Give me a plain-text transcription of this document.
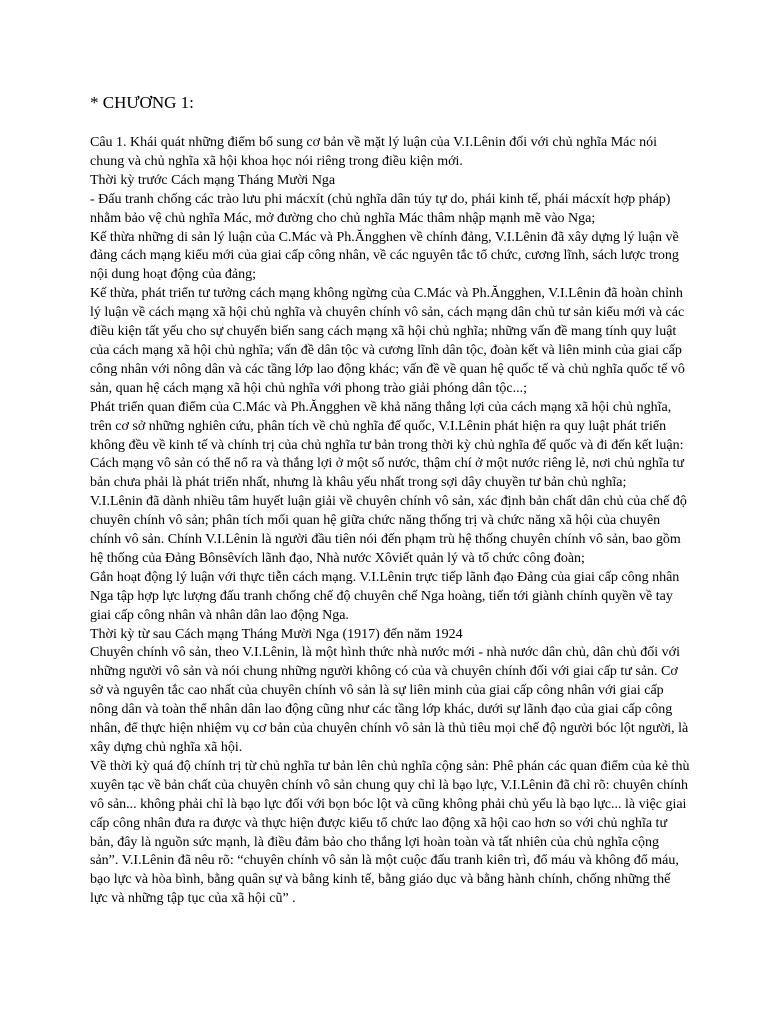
* CHƯƠNG 1:

Câu 1. Khái quát những điểm bổ sung cơ bản về mặt lý luận của V.I.Lênin đối với chủ nghĩa Mác nói chung và chủ nghĩa xã hội khoa học nói riêng trong điều kiện mới.

Thời kỳ trước Cách mạng Tháng Mười Nga

- Đấu tranh chống các trào lưu phi mácxít (chủ nghĩa dân túy tự do, phái kinh tế, phái mácxít hợp pháp) nhằm bảo vệ chủ nghĩa Mác, mở đường cho chủ nghĩa Mác thâm nhập mạnh mẽ vào Nga;

Kế thừa những di sản lý luận của C.Mác và Ph.Ăngghen về chính đảng, V.I.Lênin đã xây dựng lý luận về đảng cách mạng kiểu mới của giai cấp công nhân, về các nguyên tắc tổ chức, cương lĩnh, sách lược trong nội dung hoạt động của đảng;

Kế thừa, phát triển tư tưởng cách mạng không ngừng của C.Mác và Ph.Ăngghen, V.I.Lênin đã hoàn chỉnh lý luận về cách mạng xã hội chủ nghĩa và chuyên chính vô sản, cách mạng dân chủ tư sản kiểu mới và các điều kiện tất yếu cho sự chuyển biến sang cách mạng xã hội chủ nghĩa; những vấn đề mang tính quy luật của cách mạng xã hội chủ nghĩa; vấn đề dân tộc và cương lĩnh dân tộc, đoàn kết và liên minh của giai cấp công nhân với nông dân và các tầng lớp lao động khác; vấn đề về quan hệ quốc tế và chủ nghĩa quốc tế vô sản, quan hệ cách mạng xã hội chủ nghĩa với phong trào giải phóng dân tộc...;

Phát triển quan điểm của C.Mác và Ph.Ăngghen về khả năng thắng lợi của cách mạng xã hội chủ nghĩa, trên cơ sở những nghiên cứu, phân tích về chủ nghĩa đế quốc, V.I.Lênin phát hiện ra quy luật phát triển không đều về kinh tế và chính trị của chủ nghĩa tư bản trong thời kỳ chủ nghĩa đế quốc và đi đến kết luận: Cách mạng vô sản có thể nổ ra và thắng lợi ở một số nước, thậm chí ở một nước riêng lẻ, nơi chủ nghĩa tư bản chưa phải là phát triển nhất, nhưng là khâu yếu nhất trong sợi dây chuyền tư bản chủ nghĩa;

V.I.Lênin đã dành nhiều tâm huyết luận giải về chuyên chính vô sản, xác định bản chất dân chủ của chế độ chuyên chính vô sản; phân tích mối quan hệ giữa chức năng thống trị và chức năng xã hội của chuyên chính vô sản. Chính V.I.Lênin là người đầu tiên nói đến phạm trù hệ thống chuyên chính vô sản, bao gồm hệ thống của Đảng Bônsêvích lãnh đạo, Nhà nước Xôviết quản lý và tổ chức công đoàn;

Gắn hoạt động lý luận với thực tiễn cách mạng. V.I.Lênin trực tiếp lãnh đạo Đảng của giai cấp công nhân Nga tập hợp lực lượng đấu tranh chống chế độ chuyên chế Nga hoàng, tiến tới giành chính quyền về tay giai cấp công nhân và nhân dân lao động Nga.

Thời kỳ từ sau Cách mạng Tháng Mười Nga (1917) đến năm 1924

Chuyên chính vô sản, theo V.I.Lênin, là một hình thức nhà nước mới - nhà nước dân chủ, dân chủ đối với những người vô sản và nói chung những người không có của và chuyên chính đối với giai cấp tư sản. Cơ sở và nguyên tắc cao nhất của chuyên chính vô sản là sự liên minh của giai cấp công nhân với giai cấp nông dân và toàn thể nhân dân lao động cũng như các tầng lớp khác, dưới sự lãnh đạo của giai cấp công nhân, để thực hiện nhiệm vụ cơ bản của chuyên chính vô sản là thủ tiêu mọi chế độ người bóc lột người, là xây dựng chủ nghĩa xã hội.

Về thời kỳ quá độ chính trị từ chủ nghĩa tư bản lên chủ nghĩa cộng sản: Phê phán các quan điểm của kẻ thù xuyên tạc về bản chất của chuyên chính vô sản chung quy chỉ là bạo lực, V.I.Lênin đã chỉ rõ: chuyên chính vô sản... không phải chỉ là bạo lực đối với bọn bóc lột và cũng không phải chủ yếu là bạo lực... là việc giai cấp công nhân đưa ra được và thực hiện được kiểu tổ chức lao động xã hội cao hơn so với chủ nghĩa tư bản, đây là nguồn sức mạnh, là điều đảm bảo cho thắng lợi hoàn toàn và tất nhiên của chủ nghĩa cộng sản”. V.I.Lênin đã nêu rõ: “chuyên chính vô sản là một cuộc đấu tranh kiên trì, đổ máu và không đổ máu, bạo lực và hòa bình, bằng quân sự và bằng kinh tế, bằng giáo dục và bằng hành chính, chống những thế lực và những tập tục của xã hội cũ” .
